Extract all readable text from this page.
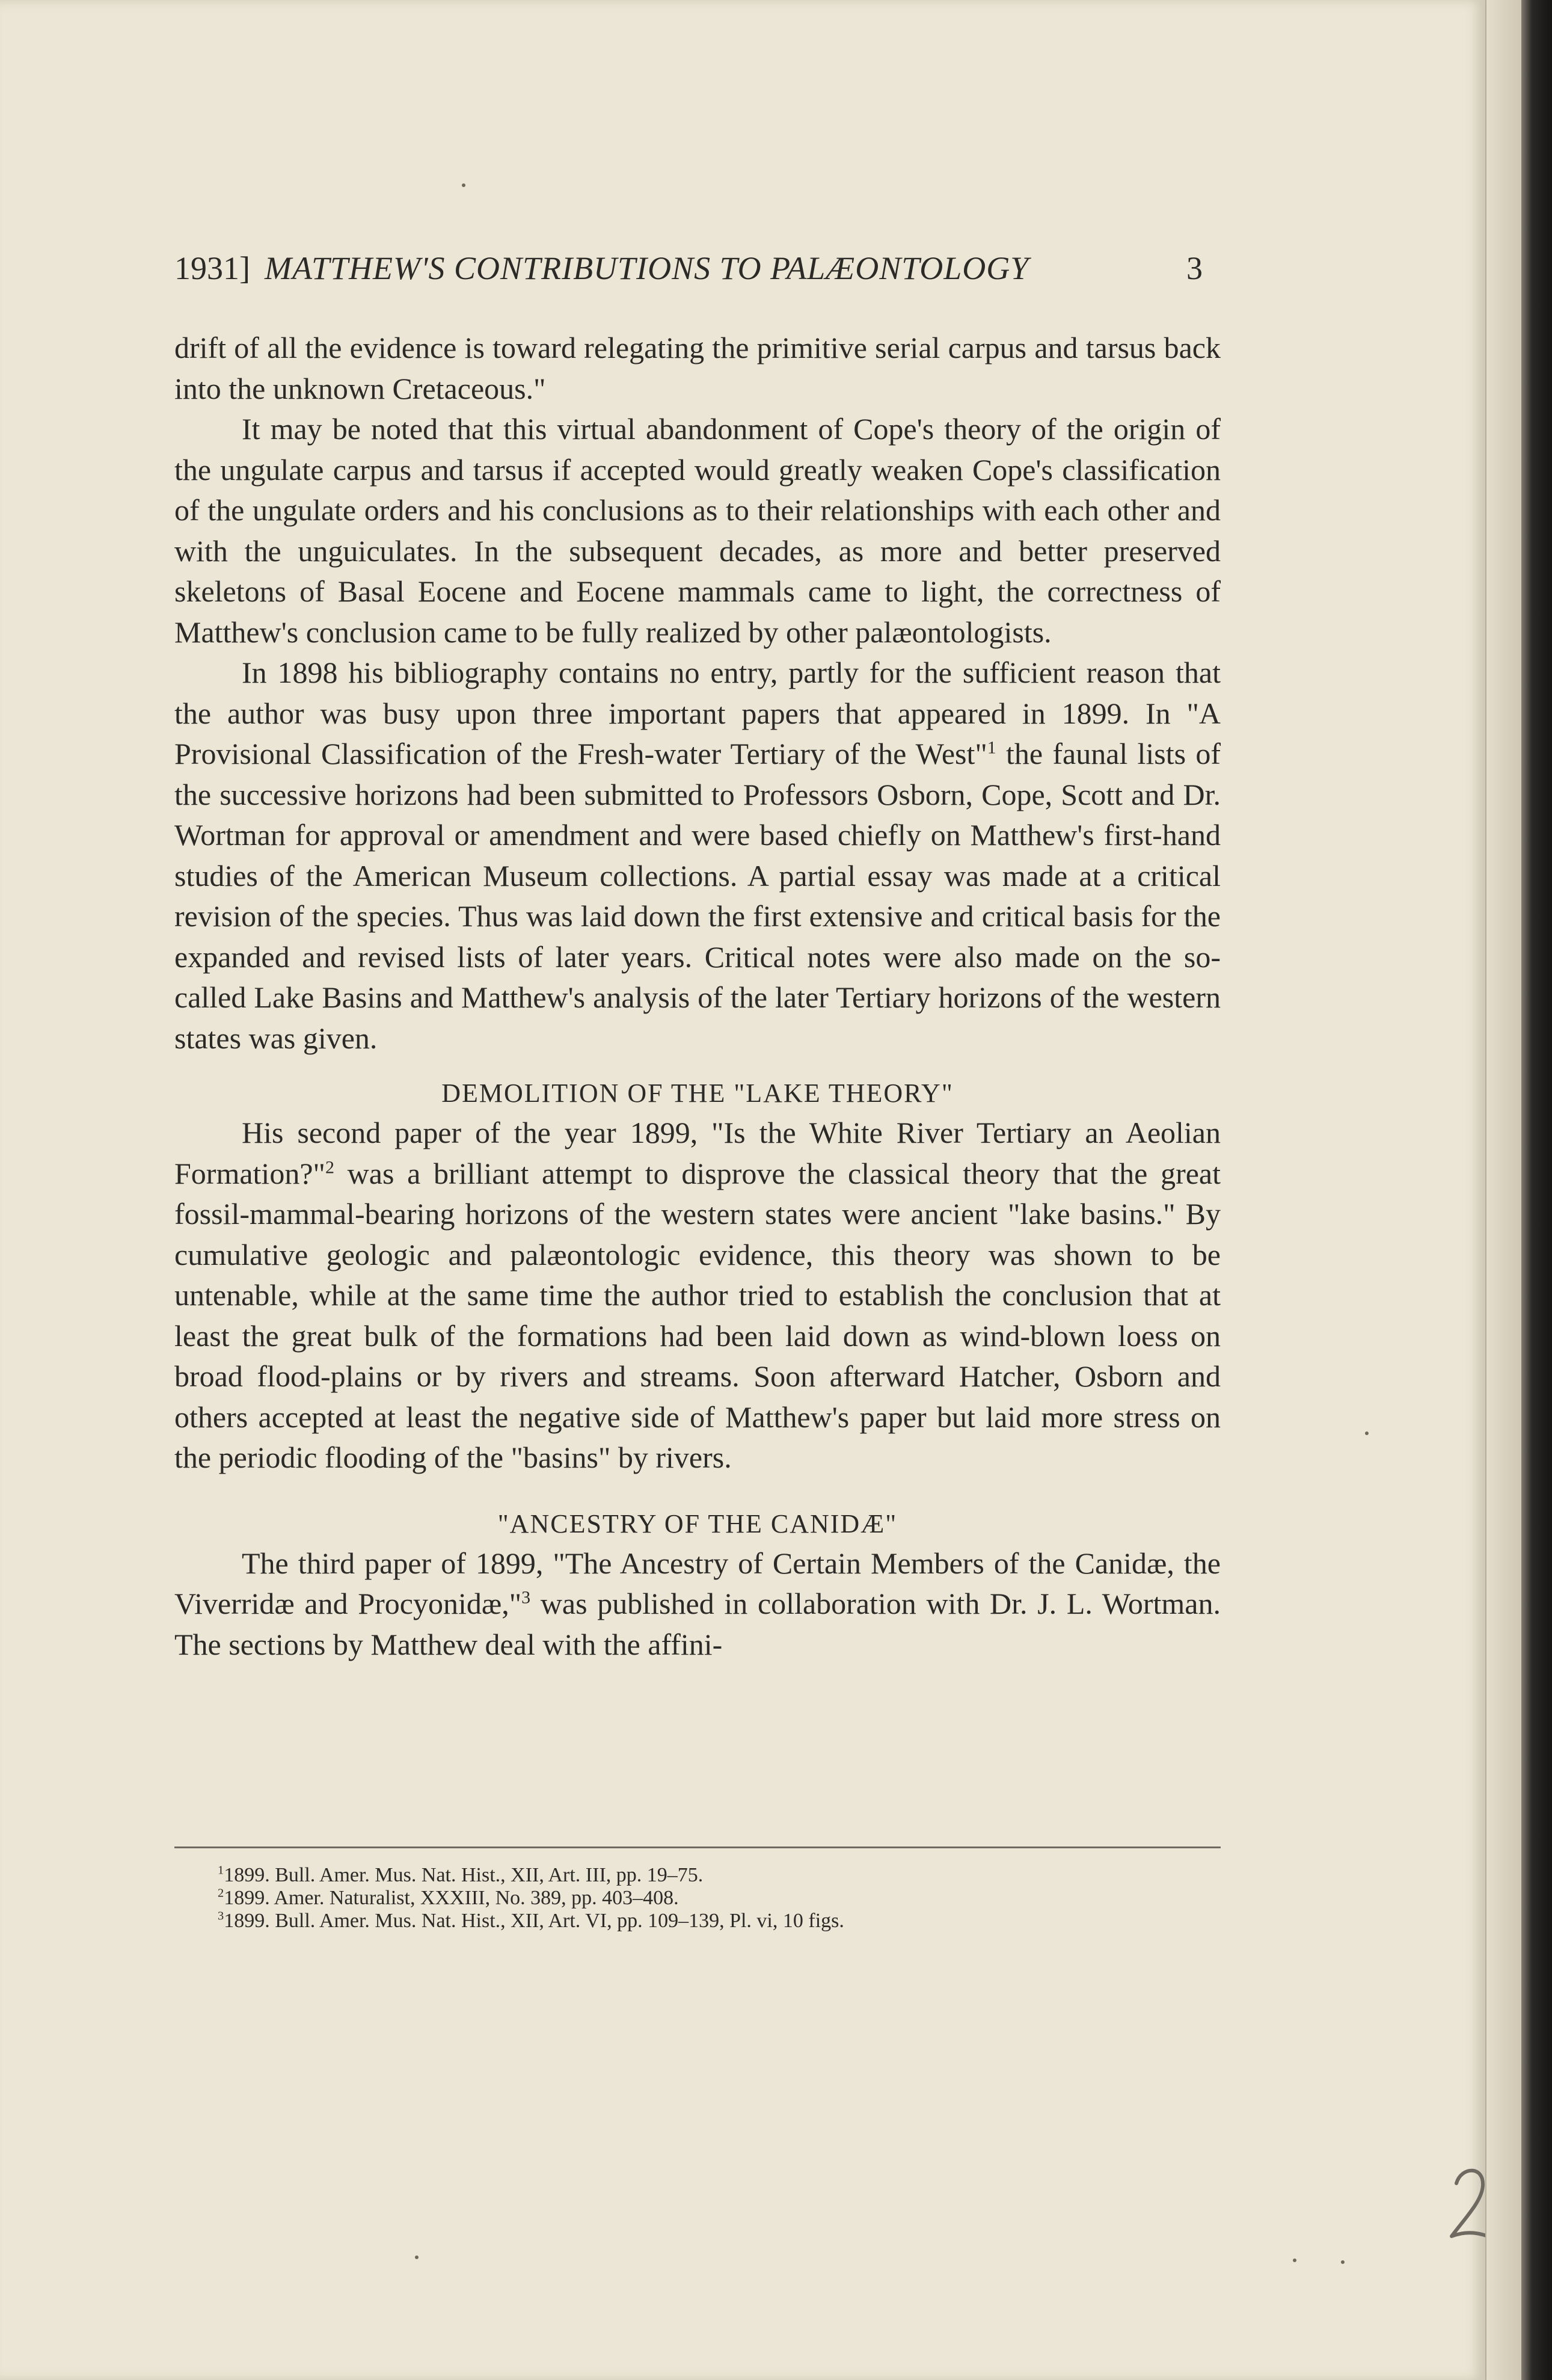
1931] MATTHEW'S CONTRIBUTIONS TO PALÆONTOLOGY	3

drift of all the evidence is toward relegating the primitive serial carpus and tarsus back into the unknown Cretaceous."

It may be noted that this virtual abandonment of Cope's theory of the origin of the ungulate carpus and tarsus if accepted would greatly weaken Cope's classification of the ungulate orders and his conclusions as to their relationships with each other and with the unguiculates. In the subsequent decades, as more and better preserved skeletons of Basal Eocene and Eocene mammals came to light, the correctness of Matthew's conclusion came to be fully realized by other palæontologists.

In 1898 his bibliography contains no entry, partly for the sufficient reason that the author was busy upon three important papers that appeared in 1899. In "A Provisional Classification of the Fresh-water Tertiary of the West"$^1$ the faunal lists of the successive horizons had been submitted to Professors Osborn, Cope, Scott and Dr. Wortman for approval or amendment and were based chiefly on Matthew's first-hand studies of the American Museum collections. A partial essay was made at a critical revision of the species. Thus was laid down the first extensive and critical basis for the expanded and revised lists of later years. Critical notes were also made on the so-called Lake Basins and Matthew's analysis of the later Tertiary horizons of the western states was given.

DEMOLITION OF THE "LAKE THEORY"

His second paper of the year 1899, "Is the White River Tertiary an Aeolian Formation?"$^2$ was a brilliant attempt to disprove the classical theory that the great fossil-mammal-bearing horizons of the western states were ancient "lake basins." By cumulative geologic and palæontologic evidence, this theory was shown to be untenable, while at the same time the author tried to establish the conclusion that at least the great bulk of the formations had been laid down as wind-blown loess on broad flood-plains or by rivers and streams. Soon afterward Hatcher, Osborn and others accepted at least the negative side of Matthew's paper but laid more stress on the periodic flooding of the "basins" by rivers.

"ANCESTRY OF THE CANIDÆ"

The third paper of 1899, "The Ancestry of Certain Members of the Canidæ, the Viverridæ and Procyonidæ,"$^3$ was published in collaboration with Dr. J. L. Wortman. The sections by Matthew deal with the affini-

$^1$1899. Bull. Amer. Mus. Nat. Hist., XII, Art. III, pp. 19–75.

$^2$1899. Amer. Naturalist, XXXIII, No. 389, pp. 403–408.

$^3$1899. Bull. Amer. Mus. Nat. Hist., XII, Art. VI, pp. 109–139, Pl. vi, 10 figs.
